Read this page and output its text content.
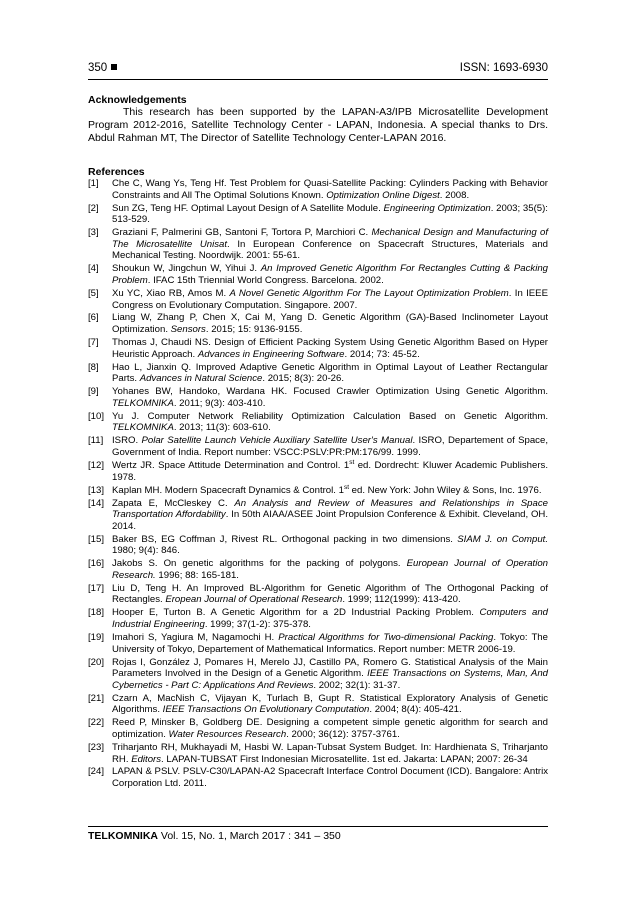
350	ISSN: 1693-6930
Acknowledgements

This research has been supported by the LAPAN-A3/IPB Microsatellite Development Program 2012-2016, Satellite Technology Center - LAPAN, Indonesia. A special thanks to Drs. Abdul Rahman MT, The Director of Satellite Technology Center-LAPAN 2016.

References
[1] Che C, Wang Ys, Teng Hf. Test Problem for Quasi-Satellite Packing: Cylinders Packing with Behavior Constraints and All The Optimal Solutions Known. Optimization Online Digest. 2008.
[2] Sun ZG, Teng HF. Optimal Layout Design of A Satellite Module. Engineering Optimization. 2003; 35(5): 513-529.
[3] Graziani F, Palmerini GB, Santoni F, Tortora P, Marchiori C. Mechanical Design and Manufacturing of The Microsatellite Unisat. In European Conference on Spacecraft Structures, Materials and Mechanical Testing. Noordwijk. 2001: 55-61.
[4] Shoukun W, Jingchun W, Yihui J. An Improved Genetic Algorithm For Rectangles Cutting & Packing Problem. IFAC 15th Triennial World Congress. Barcelona. 2002.
[5] Xu YC, Xiao RB, Amos M. A Novel Genetic Algorithm For The Layout Optimization Problem. In IEEE Congress on Evolutionary Computation. Singapore. 2007.
[6] Liang W, Zhang P, Chen X, Cai M, Yang D. Genetic Algorithm (GA)-Based Inclinometer Layout Optimization. Sensors. 2015; 15: 9136-9155.
[7] Thomas J, Chaudi NS. Design of Efficient Packing System Using Genetic Algorithm Based on Hyper Heuristic Approach. Advances in Engineering Software. 2014; 73: 45-52.
[8] Hao L, Jianxin Q. Improved Adaptive Genetic Algorithm in Optimal Layout of Leather Rectangular Parts. Advances in Natural Science. 2015; 8(3): 20-26.
[9] Yohanes BW, Handoko, Wardana HK. Focused Crawler Optimization Using Genetic Algorithm. TELKOMNIKA. 2011; 9(3): 403-410.
[10] Yu J. Computer Network Reliability Optimization Calculation Based on Genetic Algorithm. TELKOMNIKA. 2013; 11(3): 603-610.
[11] ISRO. Polar Satellite Launch Vehicle Auxiliary Satellite User's Manual. ISRO, Departement of Space, Government of India. Report number: VSCC:PSLV:PR:PM:176/99. 1999.
[12] Wertz JR. Space Attitude Determination and Control. 1st ed. Dordrecht: Kluwer Academic Publishers. 1978.
[13] Kaplan MH. Modern Spacecraft Dynamics & Control. 1st ed. New York: John Wiley & Sons, Inc. 1976.
[14] Zapata E, McCleskey C. An Analysis and Review of Measures and Relationships in Space Transportation Affordability. In 50th AIAA/ASEE Joint Propulsion Conference & Exhibit. Cleveland, OH. 2014.
[15] Baker BS, EG Coffman J, Rivest RL. Orthogonal packing in two dimensions. SIAM J. on Comput. 1980; 9(4): 846.
[16] Jakobs S. On genetic algorithms for the packing of polygons. European Journal of Operation Research. 1996; 88: 165-181.
[17] Liu D, Teng H. An Improved BL-Algorithm for Genetic Algorithm of The Orthogonal Packing of Rectangles. Eropean Journal of Operational Research. 1999; 112(1999): 413-420.
[18] Hooper E, Turton B. A Genetic Algorithm for a 2D Industrial Packing Problem. Computers and Industrial Engineering. 1999; 37(1-2): 375-378.
[19] Imahori S, Yagiura M, Nagamochi H. Practical Algorithms for Two-dimensional Packing. Tokyo: The University of Tokyo, Departement of Mathematical Informatics. Report number: METR 2006-19.
[20] Rojas I, González J, Pomares H, Merelo JJ, Castillo PA, Romero G. Statistical Analysis of the Main Parameters Involved in the Design of a Genetic Algorithm. IEEE Transactions on Systems, Man, And Cybernetics - Part C: Applications And Reviews. 2002; 32(1): 31-37.
[21] Czarn A, MacNish C, Vijayan K, Turlach B, Gupt R. Statistical Exploratory Analysis of Genetic Algorithms. IEEE Transactions On Evolutionary Computation. 2004; 8(4): 405-421.
[22] Reed P, Minsker B, Goldberg DE. Designing a competent simple genetic algorithm for search and optimization. Water Resources Research. 2000; 36(12): 3757-3761.
[23] Triharjanto RH, Mukhayadi M, Hasbi W. Lapan-Tubsat System Budget. In: Hardhienata S, Triharjanto RH. Editors. LAPAN-TUBSAT First Indonesian Microsatellite. 1st ed. Jakarta: LAPAN; 2007: 26-34
[24] LAPAN & PSLV. PSLV-C30/LAPAN-A2 Spacecraft Interface Control Document (ICD). Bangalore: Antrix Corporation Ltd. 2011.
TELKOMNIKA Vol. 15, No. 1, March 2017 : 341 – 350
